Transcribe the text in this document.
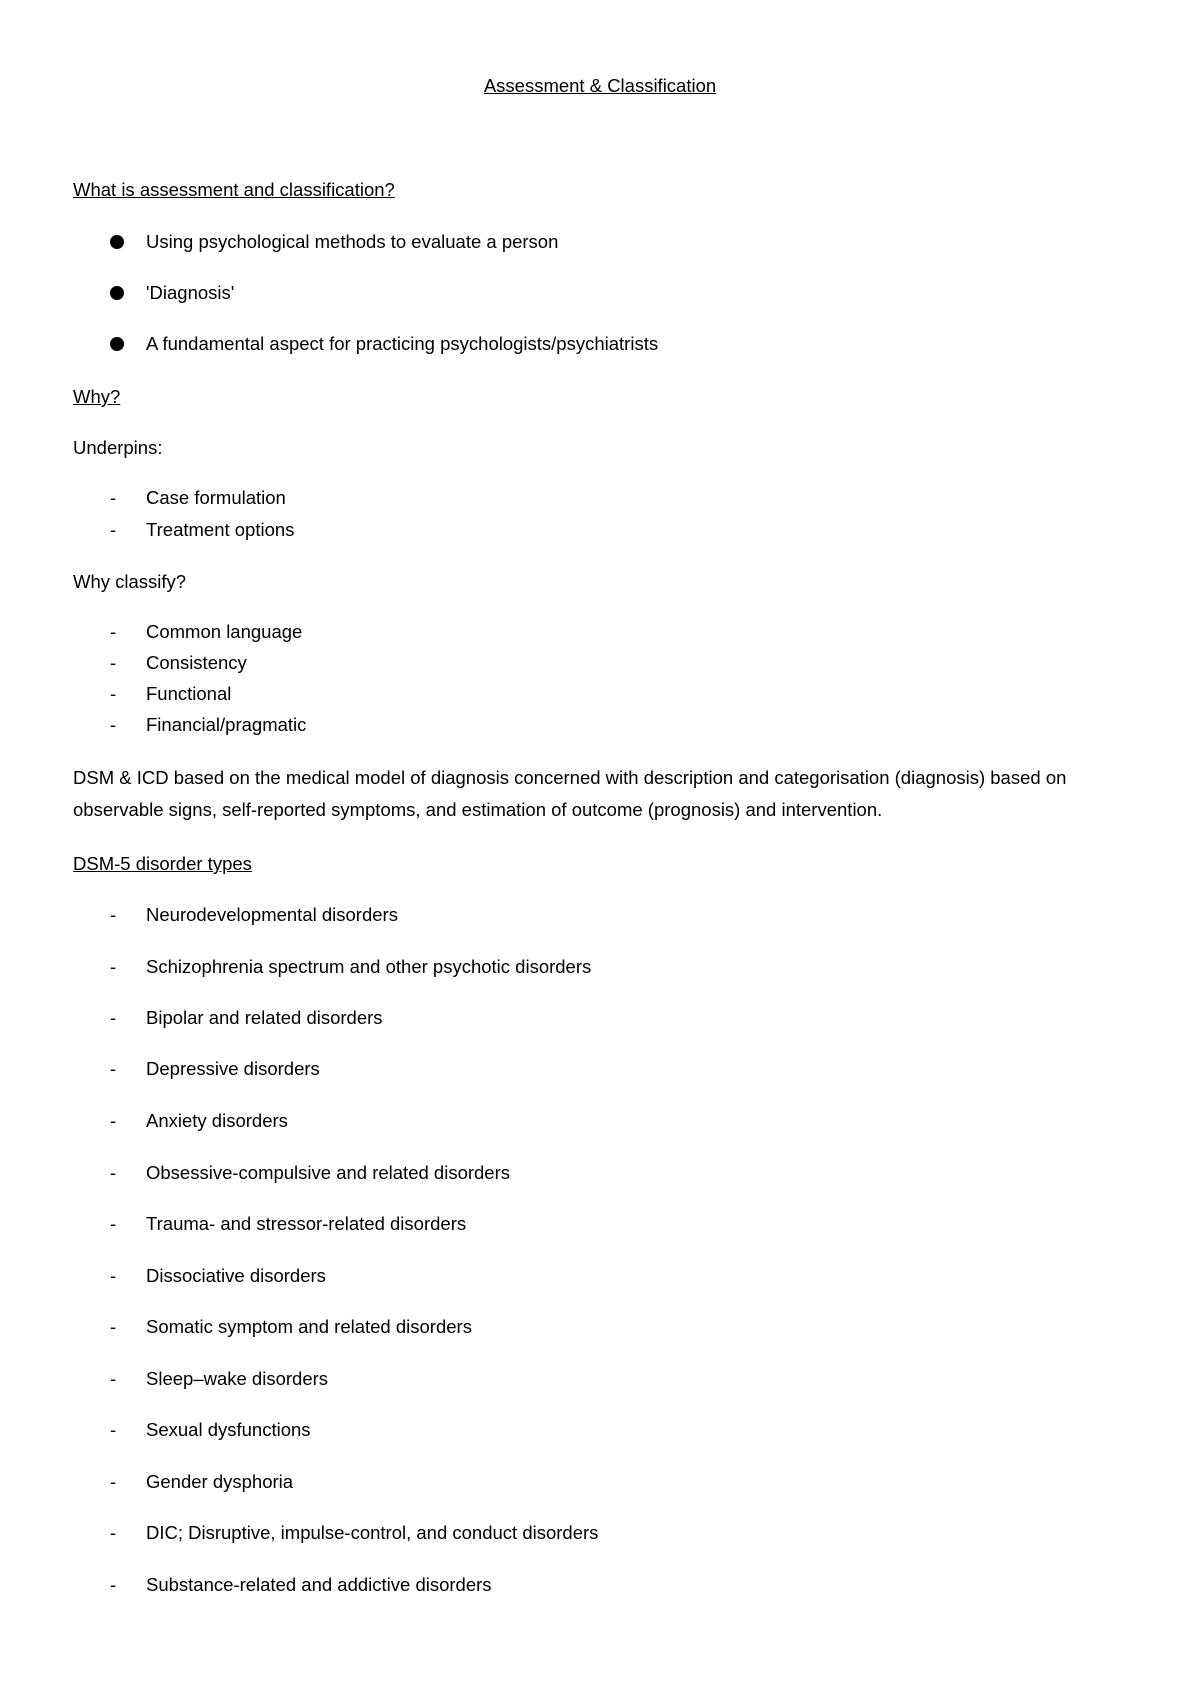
Assessment & Classification
What is assessment and classification?
Using psychological methods to evaluate a person
'Diagnosis'
A fundamental aspect for practicing psychologists/psychiatrists
Why?
Underpins:
- Case formulation
- Treatment options
Why classify?
- Common language
- Consistency
- Functional
- Financial/pragmatic
DSM & ICD based on the medical model of diagnosis concerned with description and categorisation (diagnosis) based on observable signs, self-reported symptoms, and estimation of outcome (prognosis) and intervention.
DSM-5 disorder types
- Neurodevelopmental disorders
- Schizophrenia spectrum and other psychotic disorders
- Bipolar and related disorders
- Depressive disorders
- Anxiety disorders
- Obsessive-compulsive and related disorders
- Trauma- and stressor-related disorders
- Dissociative disorders
- Somatic symptom and related disorders
- Sleep–wake disorders
- Sexual dysfunctions
- Gender dysphoria
- DIC; Disruptive, impulse-control, and conduct disorders
- Substance-related and addictive disorders
